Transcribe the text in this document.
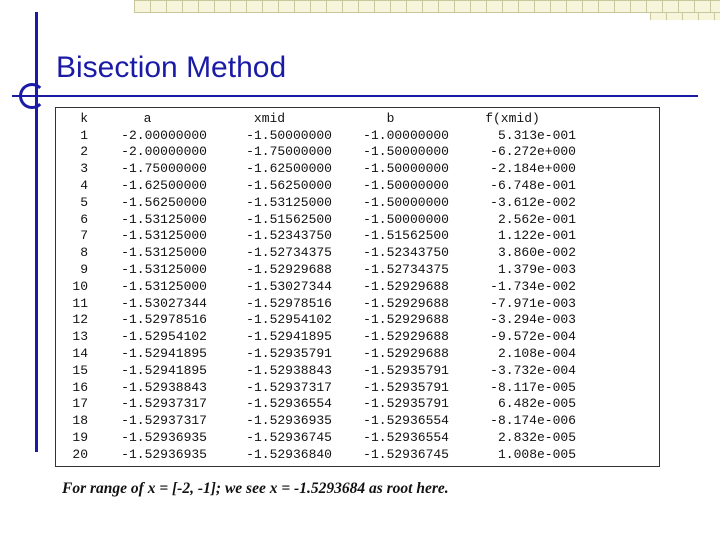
Bisection Method
k	a	xmid	b	f(xmid)
1	-2.00000000	-1.50000000	-1.00000000	5.313e-001
2	-2.00000000	-1.75000000	-1.50000000	-6.272e+000
3	-1.75000000	-1.62500000	-1.50000000	-2.184e+000
4	-1.62500000	-1.56250000	-1.50000000	-6.748e-001
5	-1.56250000	-1.53125000	-1.50000000	-3.612e-002
6	-1.53125000	-1.51562500	-1.50000000	2.562e-001
7	-1.53125000	-1.52343750	-1.51562500	1.122e-001
8	-1.53125000	-1.52734375	-1.52343750	3.860e-002
9	-1.53125000	-1.52929688	-1.52734375	1.379e-003
10	-1.53125000	-1.53027344	-1.52929688	-1.734e-002
11	-1.53027344	-1.52978516	-1.52929688	-7.971e-003
12	-1.52978516	-1.52954102	-1.52929688	-3.294e-003
13	-1.52954102	-1.52941895	-1.52929688	-9.572e-004
14	-1.52941895	-1.52935791	-1.52929688	2.108e-004
15	-1.52941895	-1.52938843	-1.52935791	-3.732e-004
16	-1.52938843	-1.52937317	-1.52935791	-8.117e-005
17	-1.52937317	-1.52936554	-1.52935791	6.482e-005
18	-1.52937317	-1.52936935	-1.52936554	-8.174e-006
19	-1.52936935	-1.52936745	-1.52936554	2.832e-005
20	-1.52936935	-1.52936840	-1.52936745	1.008e-005

For range of x = [-2, -1]; we see x = -1.5293684 as root here.
